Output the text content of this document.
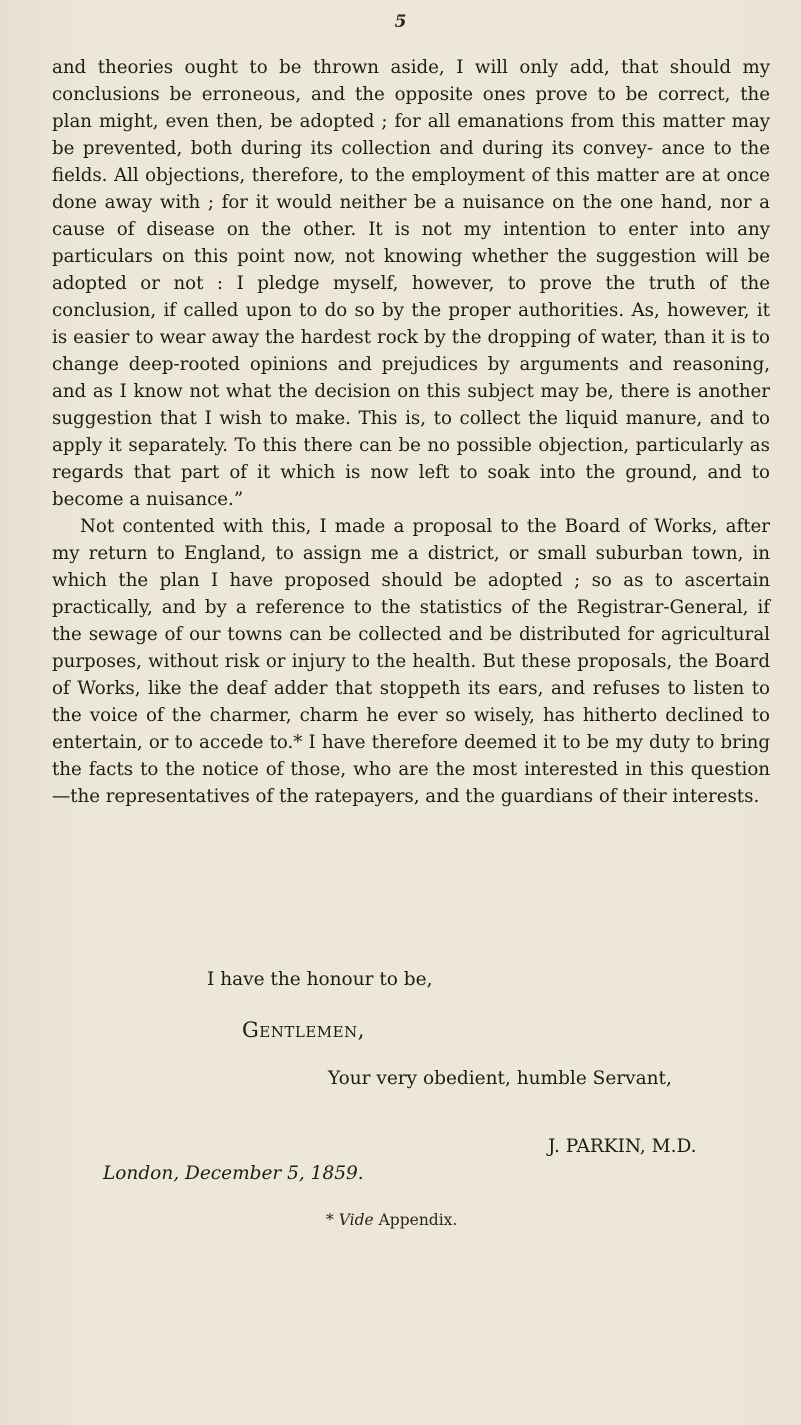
5

and theories ought to be thrown aside, I will only add, that should my conclusions be erroneous, and the opposite ones prove to be correct, the plan might, even then, be adopted ; for all emanations from this matter may be prevented, both during its collection and during its convey- ance to the fields. All objections, therefore, to the employment of this matter are at once done away with ; for it would neither be a nuisance on the one hand, nor a cause of disease on the other. It is not my intention to enter into any particulars on this point now, not knowing whether the suggestion will be adopted or not : I pledge myself, however, to prove the truth of the conclusion, if called upon to do so by the proper authorities. As, however, it is easier to wear away the hardest rock by the dropping of water, than it is to change deep-rooted opinions and prejudices by arguments and reasoning, and as I know not what the decision on this subject may be, there is another suggestion that I wish to make. This is, to collect the liquid manure, and to apply it separately. To this there can be no possible objection, particularly as regards that part of it which is now left to soak into the ground, and to become a nuisance.”

Not contented with this, I made a proposal to the Board of Works, after my return to England, to assign me a district, or small suburban town, in which the plan I have proposed should be adopted ; so as to ascertain practically, and by a reference to the statistics of the Registrar-General, if the sewage of our towns can be collected and be distributed for agricultural purposes, without risk or injury to the health. But these proposals, the Board of Works, like the deaf adder that stoppeth its ears, and refuses to listen to the voice of the charmer, charm he ever so wisely, has hitherto declined to entertain, or to accede to.* I have therefore deemed it to be my duty to bring the facts to the notice of those, who are the most interested in this question—the representatives of the ratepayers, and the guardians of their interests.

I have the honour to be,
Gentlemen,
Your very obedient, humble Servant,
J. PARKIN, M.D.
London, December 5, 1859.
* Vide Appendix.
